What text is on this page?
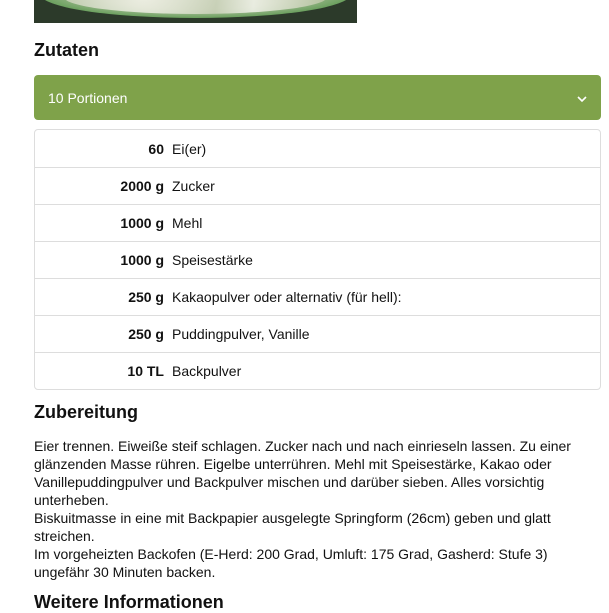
Zutaten
10 Portionen
60 Ei(er)
2000 g Zucker
1000 g Mehl
1000 g Speisestärke
250 g Kakaopulver oder alternativ (für hell):
250 g Puddingpulver, Vanille
10 TL Backpulver
Zubereitung

Eier trennen. Eiweiße steif schlagen. Zucker nach und nach einrieseln lassen. Zu einer glänzenden Masse rühren. Eigelbe unterrühren. Mehl mit Speisestärke, Kakao oder Vanillepuddingpulver und Backpulver mischen und darüber sieben. Alles vorsichtig unterheben.

Biskuitmasse in eine mit Backpapier ausgelegte Springform (26cm) geben und glatt streichen.

Im vorgeheizten Backofen (E-Herd: 200 Grad, Umluft: 175 Grad, Gasherd: Stufe 3) ungefähr 30 Minuten backen.

Weitere Informationen
